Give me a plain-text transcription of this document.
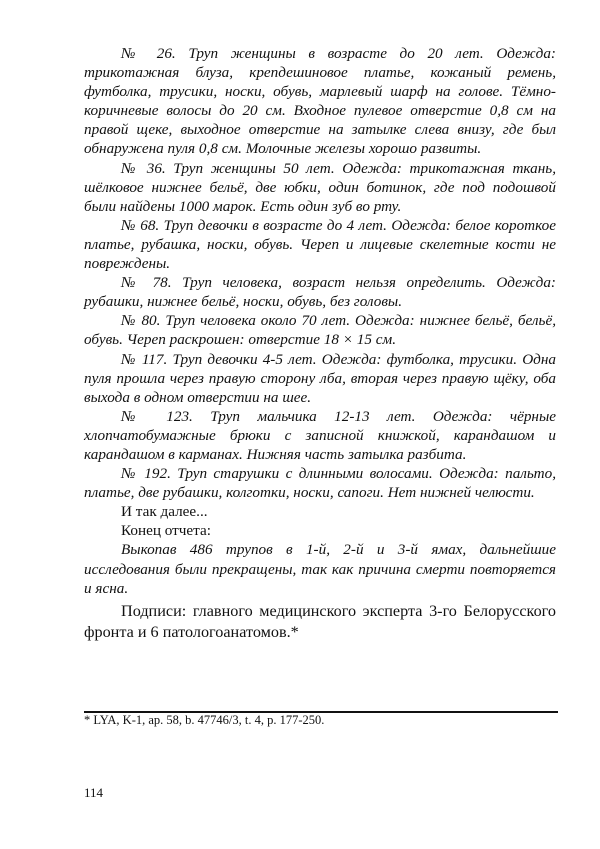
№ 26. Труп женщины в возрасте до 20 лет. Одежда: трикотажная блуза, крепдешиновое платье, кожаный ремень, футболка, трусики, носки, обувь, марлевый шарф на голове. Тёмно-коричневые волосы до 20 см. Входное пулевое отверстие 0,8 см на правой щеке, выходное отверстие на затылке слева внизу, где был обнаружена пуля 0,8 см. Молочные железы хорошо развиты.

№ 36. Труп женщины 50 лет. Одежда: трикотажная ткань, шёлковое нижнее бельё, две юбки, один ботинок, где под подошвой были найдены 1000 марок. Есть один зуб во рту.

№ 68. Труп девочки в возрасте до 4 лет. Одежда: белое короткое платье, рубашка, носки, обувь. Череп и лицевые скелетные кости не повреждены.

№ 78. Труп человека, возраст нельзя определить. Одежда: рубашки, нижнее бельё, носки, обувь, без головы.

№ 80. Труп человека около 70 лет. Одежда: нижнее бельё, бельё, обувь. Череп раскрошен: отверстие 18 × 15 см.

№ 117. Труп девочки 4-5 лет. Одежда: футболка, трусики. Одна пуля прошла через правую сторону лба, вторая через правую щёку, оба выхода в одном отверстии на шее.

№ 123. Труп мальчика 12-13 лет. Одежда: чёрные хлопчатобумажные брюки с записной книжкой, карандашом и карандашом в карманах. Нижняя часть затылка разбита.

№ 192. Труп старушки с длинными волосами. Одежда: пальто, платье, две рубашки, колготки, носки, сапоги. Нет нижней челюсти.

И так далее...

Конец отчета:

Выкопав 486 трупов в 1-й, 2-й и 3-й ямах, дальнейшие исследования были прекращены, так как причина смерти повторяется и ясна.

Подписи: главного медицинского эксперта 3-го Белорусского фронта и 6 патологоанатомов.*

* LYA, K-1, ap. 58, b. 47746/3, t. 4, p. 177-250.
114
